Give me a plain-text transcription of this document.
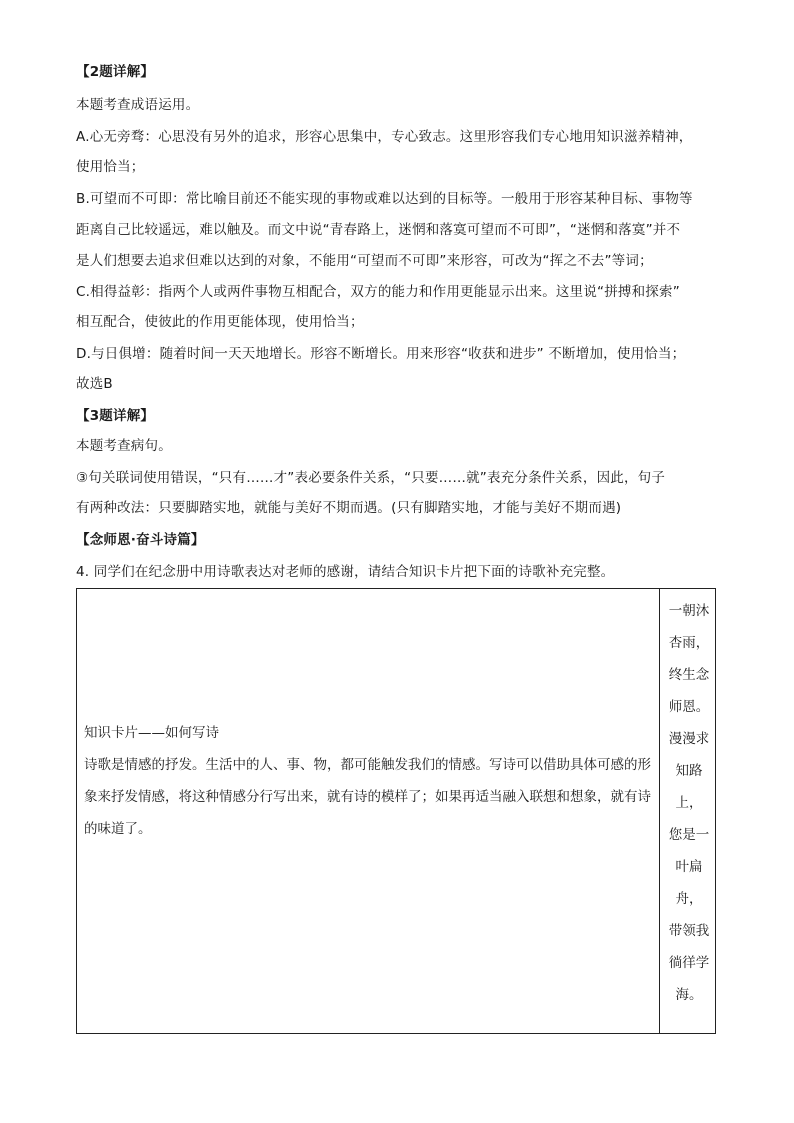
【2题详解】
本题考查成语运用。
A.心无旁骛：心思没有另外的追求，形容心思集中，专心致志。这里形容我们专心地用知识滋养精神，
使用恰当；
B.可望而不可即：常比喻目前还不能实现的事物或难以达到的目标等。一般用于形容某种目标、事物等
距离自己比较遥远，难以触及。而文中说“青春路上，迷惘和落寞可望而不可即”，“迷惘和落寞”并不
是人们想要去追求但难以达到的对象，不能用“可望而不可即”来形容，可改为“挥之不去”等词；
C.相得益彰：指两个人或两件事物互相配合，双方的能力和作用更能显示出来。这里说“拼搏和探索”
相互配合，使彼此的作用更能体现，使用恰当；
D.与日俱增：随着时间一天天地增长。形容不断增长。用来形容“收获和进步” 不断增加，使用恰当；
故选B
【3题详解】
本题考查病句。
③句关联词使用错误，“只有……才”表必要条件关系，“只要……就”表充分条件关系，因此，句子
有两种改法：只要脚踏实地，就能与美好不期而遇。(只有脚踏实地，才能与美好不期而遇)
【念师恩·奋斗诗篇】
4. 同学们在纪念册中用诗歌表达对老师的感谢，请结合知识卡片把下面的诗歌补充完整。
知识卡片——如何写诗
诗歌是情感的抒发。生活中的人、事、物，都可能触发我们的情感。写诗可以借助具体可感的形象来抒发情感，将这种情感分行写出来，就有诗的模样了；如果再适当融入联想和想象，就有诗的味道了。
一朝沐
杏雨，
终生念
师恩。
漫漫求
知路
上，
您是一
叶扁
舟，
带领我
徜徉学
海。
